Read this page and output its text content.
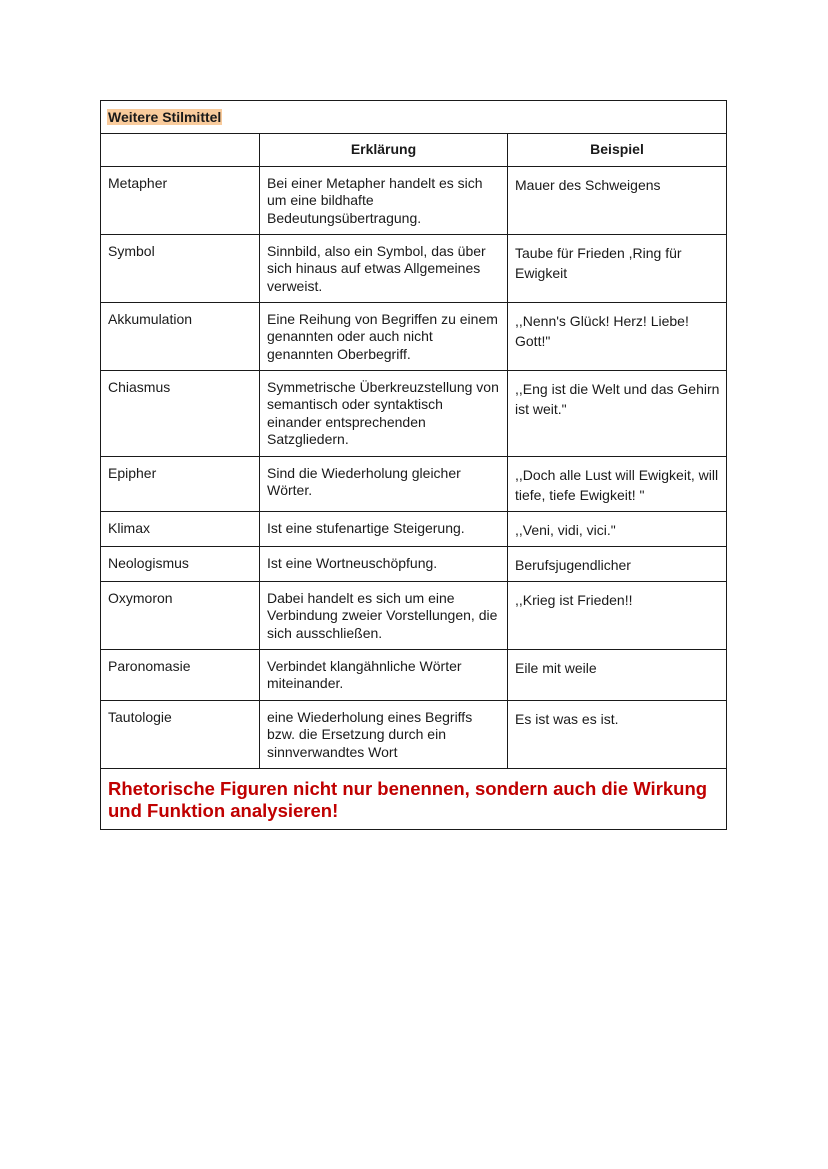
Weitere Stilmittel		
	Erklärung	Beispiel
Metapher	Bei einer Metapher handelt es sich um eine bildhafte Bedeutungsübertragung.	Mauer des Schweigens
Symbol	Sinnbild, also ein Symbol, das über sich hinaus auf etwas Allgemeines verweist.	Taube für Frieden ,Ring für Ewigkeit
Akkumulation	Eine Reihung von Begriffen zu einem genannten oder auch nicht genannten Oberbegriff.	,,Nenn's Glück! Herz! Liebe! Gott!"
Chiasmus	Symmetrische Überkreuzstellung von semantisch oder syntaktisch einander entsprechenden Satzgliedern.	,,Eng ist die Welt und das Gehirn ist weit."
Epipher	Sind die Wiederholung gleicher Wörter.	,,Doch alle Lust will Ewigkeit, will tiefe, tiefe Ewigkeit! "
Klimax	Ist eine stufenartige Steigerung.	,,Veni, vidi, vici."
Neologismus	Ist eine Wortneuschöpfung.	Berufsjugendlicher
Oxymoron	Dabei handelt es sich um eine Verbindung zweier Vorstellungen, die sich ausschließen.	,,Krieg ist Frieden!!
Paronomasie	Verbindet klangähnliche Wörter miteinander.	Eile mit weile
Tautologie	eine Wiederholung eines Begriffs bzw. die Ersetzung durch ein sinnverwandtes Wort	Es ist was es ist.
Rhetorische Figuren nicht nur benennen, sondern auch die Wirkung und Funktion analysieren!		
